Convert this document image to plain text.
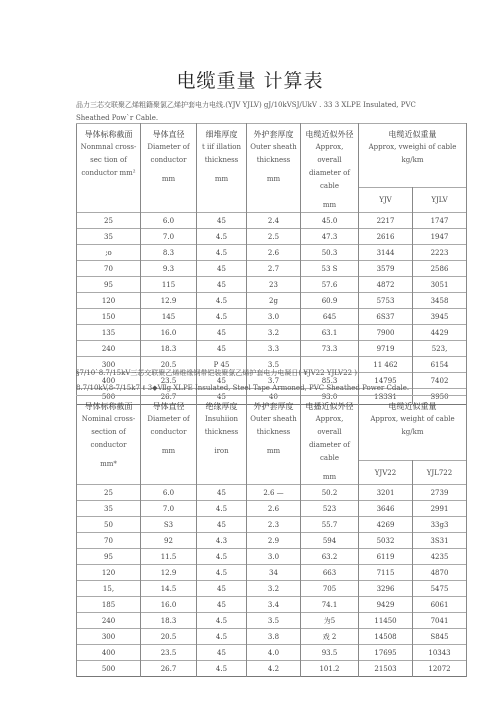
电缆重量 计算表
品力三芯交联聚乙烯粗籍聚氯乙烯护套电力电线.(YJV YJLV) gJ/10kVSJ/UkV . 33 3 XLPE Insulated, PVC
Sheathed Pow`r Cable.
导体标称截面
Nonmnal cross-sec tion of conductor mm²	导体直径
Diameter of conductor
mm	细堆厚度
t iif illation thickness
mm	外护套厚度
Outer sheath thickness
mm	电缆近似外径
Approx, overall diameter of cable
mm	电缆近似重量
Approx, vweighi of cable kg/km	

					YJV	YJLV
25	6.0	45	2.4	45.0	2217	1747
35	7.0	4.5	2.5	47.3	2616	1947
;o	8.3	4.5	2.6	50.3	3144	2223
70	9.3	45	2.7	53 S	3579	2586
95	115	45	23	57.6	4872	3051
120	12.9	4.5	2g	60.9	5753	3458
150	145	4.5	3.0	645	6S37	3945
135	16.0	45	3.2	63.1	7900	4429
240	18.3	45	3.3	73.3	9719	523,
300	20.5	P 45	3.5		11 462	6154
400	23.5	45	3.7	85.3	14795	7402
500	26.7	45	40	93.0	1S3S1	S950
§7/10`8.7/15kV三芯交联聚乙烯维缘钢带铠装聚氯乙烯护套电力电凝日( ¥JV22 YJLV22 )
8.7/10kV,8-7/15k7 ℓ 3◆Ⅶg XLPE Insulated, Steel Tape Armoned, PVC Sheathed Power Cdale.
导体标称截面
Nominal cross-section of conductor
mm*	导体直径
Diameter of conductor
mm	绝缘厚度
Insuhiion thickness
iron	外护套厚度
Outer sheath thickness
mm	电播近似外径
Approx, overall diameter of cable
mm	电缆近似重量
Approx, weight of cable kg/km	

					YJV22	YJL722
25	6.0	45	2.6 —	50.2	3201	2739
35	7.0	4.5	2.6	523	3646	2991
50	S3	45	2.3	55.7	4269	33g3
70	92	4.3	2.9	594	5032	3S31
95	11.5	4.5	3.0	63.2	6119	4235
120	12.9	4.5	34	663	7115	4870
15,	14.5	45	3.2	705	3296	5475
185	16.0	45	3.4	74.1	9429	6061
240	18.3	4.5	3.5	为5	11450	7041
300	20.5	4.5	3.8	戏 2	14508	S845
400	23.5	45	4.0	93.5	17695	10343
500	26.7	4.5	4.2	101.2	21503	12072
